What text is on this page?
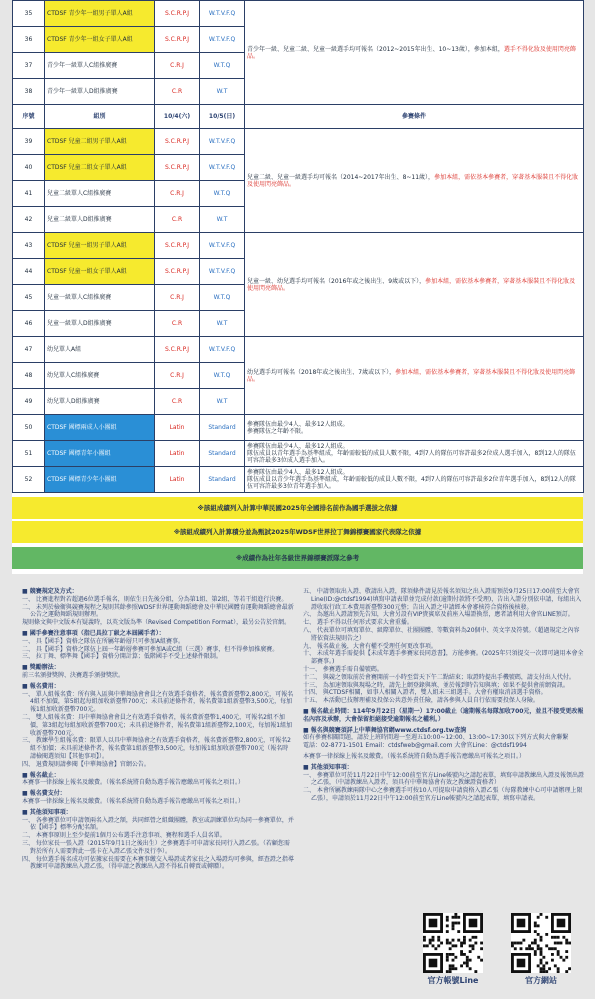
35	CTDSF 青少年一組男子單人A組	S.C.R.P.J	W.T.V.F.Q	青少年一級、兒童二級、兒童一級選手均可報名（2012~2015年出生、10~13歲），參加本組，選手不得化妝及使用閃亮飾品。
36	CTDSF 青少年一組女子單人A組	S.C.R.P.J	W.T.V.F.Q	
37	青少年一級單人C組推廣賽	C.R.J	W.T.Q	
38	青少年一級單人D組推廣賽	C.R	W.T	
序號	組別	10/4(六)	10/5(日)	參賽條件
39	CTDSF 兒童二組男子單人A組	S.C.R.P.J	W.T.V.F.Q	兒童二級、兒童一級選手均可報名（2014~2017年出生、8~11歲），參加本組，需依基本參賽者，穿著基本服裝且不得化妝及使用閃亮飾品。
40	CTDSF 兒童二組女子單人A組	S.C.R.P.J	W.T.V.F.Q	
41	兒童二級單人C組推廣賽	C.R.J	W.T.Q	
42	兒童二級單人D組推廣賽	C.R	W.T	
43	CTDSF 兒童一組男子單人A組	S.C.R.P.J	W.T.V.F.Q	兒童一級、幼兒選手均可報名（2016年或之後出生、9歲或以下），參加本組，需依基本參賽者，穿著基本服裝且不得化妝及使用閃亮飾品。
44	CTDSF 兒童一組女子單人A組	S.C.R.P.J	W.T.V.F.Q	
45	兒童一級單人C組推廣賽	C.R.J	W.T.Q	
46	兒童一級單人D組推廣賽	C.R	W.T	
47	幼兒單人A組	S.C.R.P.J	W.T.V.F.Q	幼兒選手均可報名（2018年或之後出生、7歲或以下），參加本組，需依基本參賽者，穿著基本服裝且不得化妝及使用閃亮飾品。
48	幼兒單人C組推廣賽	C.R.J	W.T.Q	
49	幼兒單人D組推廣賽	C.R	W.T	
50	CTDSF 國標兩成人小團組	Latin	Standard	參賽隊伍由最少4人、最多12人組成。
參賽隊伍之年齡不限。
51	CTDSF 國標青年小團組	Latin	Standard	參賽隊伍由最少4人、最多12人組成。
隊伍成員以青年選手為基準組成，年齡需較低的成員人數不限，4到7人的隊伍可容許最多2位成人選手加入，8到12人的隊伍可容許最多3位成人選手加入。
52	CTDSF 國標青少年小團組	Latin	Standard	參賽隊伍由最少4人、最多12人組成。
隊伍成員以青少年選手為基準組成，年齡需較低的成員人數不限，4到7人的隊伍可容許最多2位青年選手加入，8到12人的隊伍可容許最多3位青年選手加入。
※該組成績列入計算中華民國2025年全國排名前作為國手選拔之依據
※該組成績列入計算積分並為甄試2025年WDSF世界拉丁舞錦標賽國家代表隊之依據
※成績作為社年各級世界錦標賽派隊之參考
■ 競賽規定及方式：
一、 比賽進程對若超過6位選手報名，則依生日先後分組，分為第1組、第2組、等若干組進行決賽。
二、 未列於檢衛與競賽規程之規則其餘參照WDSF世界運動舞蹈總會及中華民國體育運動舞蹈總會最新公告之運動舞蹈規則辦理。
規則條文與中文版本有疑義時，以英文版為準（Revised Competition Format），最另公告於官網。
■ 國手參賽注意事項（指已具拉丁級之本屆國手者）：
一、 具【國手】資格之隊伍在所屬年齡層只可參加A組賽事。
二、 具【國手】資格之隊伍上屆一年齡層參賽可參加A或C組（三選）賽事，但不得參加推廣賽。
三、 拉丁舞、標準舞【國手】資格分開計算；低階國手不受上述條件限制。
■ 獎勵辦法：
前三名頒發獎牌、決賽選手頒發獎狀。
■ 報名費用：
一、 單人組報名費：所有與入區與中華舞協會會員之有效選手資格者，報名費新臺幣2,800元，可報名4組不加價，第5組起每組加收新臺幣700元；未具前述條件者，報名費第1組新臺幣3,500元，每加報1組加收新臺幣700元。
二、 雙人組報名費：具中華舞協會會員之有效選手資格者，報名費新臺幣1,400元，可報名2組不加價，第3組起每組加收新臺幣700元；未具前述條件者，報名費第1組新臺幣2,100元，每加報1組加收新臺幣700元。
三、 教練學生組報名費：限單人以具中華舞協會之有效選手資格者，報名費新臺幣2,800元，可報名2組不加價；未具前述條件者，報名費第1組新臺幣3,500元，每加報1組加收新臺幣700元（報名時請檢閱選須知【其他事項】）。
四、 退費規則請參閱【中華舞協會】官網公告。
■ 報名截止：
本賽事一律採線上報名及繳費。（報名系統將自動為選手報告應繳出可報名之項目。）
■ 報名費支付：
本賽事一律採線上報名及繳費。（報名系統將自動為選手報告應繳出可報名之項目。）
■ 其他須知事項：
一、 各參賽單位可申請領兩名入證之額，共同經營之組織團體，教室或訓練單位均為同一參賽單位，并依【國手】標準分配名額。
二、 本賽事原則上至少提前1個月公布選手注意事項、賽程和選手人員名單。
三、 每位家長一張入證（2015年9月1日之後出生）之參賽選手可申請家長同行入證乙張。（若顧您需對於所有人需要對此一張卡在入證乙張文件及行李）。
四、 每位選手報名成功可依據家長需要在本賽事繳交入場證或者家長之入場證均可參與，經查證之指導教練可申請教練出入證乙張，（得申請之教練出入證不得私自轉賣或轉贈）。
五、 中請領取出入證、敬請出入證，隊須條件請見於報名須知之出入證需預於9月25日17:00前至大會官Line(ID:@ctdsf1994)填寫申請表單並完成付款(逾期付款將不受理)，告出入證分別依申請，每組出入證收取行政工本費用新臺幣300元整；告出入證之申請經本會審核符合資格後核發。
六、 為邀出入證請預先告知，大會另設有VIP貴賓席及前座入場證換票，應者請利用大會官LINE預訂。
七、 選手不得以任何形式要求大會重播。
八、 代表單位可填寫單位、級際單位、社團團體、等數資料為20個中、英文字及符號。（超過規定之內容將依資法規則告之）
九、 報名截止後，大會有權不受理任何更改事項。
十、 未成年選手需提供【未成年選手參賽家長同意書】，方能參賽。(2025年只須提交一次即可適用本會全部賽事。)
十一、 參賽選手需自備號碼。
十二、 與競之領取前於會賽開前一小時至當天下午二點結束；取證時提出手機號碼，請支付出人代付。
十三、 為加速領取與現場之時，請先上網登錄與填、並於報到時告知與填；如果不提供會前網資訊。
十四、 與CTDSF相關，如事人相關入證者，雙人組未三組選手。大會有權取消該選手資格。
十五、 本活動已技辦理補及投保公共意外責任險，請各參與人員自行依需要投保人身險。
■ 報名截止時間：114年9月22日（星期一）17:00截止（逾期報名每隊加收700元，並且不接受更改報名內容及承辦，大會保留拒絕接受逾期報名之權利。）
■ 報名與競賽須詳上中華舞協官網www.ctdsf.org.tw查詢
如有參賽相關問題，請於上班時間週一至週五10:00~12:00、13:00~17:30以下列方式與大會聯繫
電話：02-8771-1501 Email：ctdsfweb@gmail.com 大會官Line：@ctdsf1994
本賽事一律採線上報名及繳費。（報名系統將自動為選手報告應繳出可報名之項目。）
■ 其他須知事項：
一、 參賽單位可於11月22日中午12:00前至官方Line帳號內之請起表單，填寫申請教練出入證及報領出證之乙張，（中請教練出入證者，須具有中華舞協會有效之教練證資格者）
二、 本會所屬教練兩隊中心之參賽選手可按10人可提取申請資格入證乙張（每隊教練中心可申請辦理上限乙張），申請須於11月22日中午12:00前至官方Line帳號內之請起表單，填寫申請表。
官方帳號Line	官方網站
